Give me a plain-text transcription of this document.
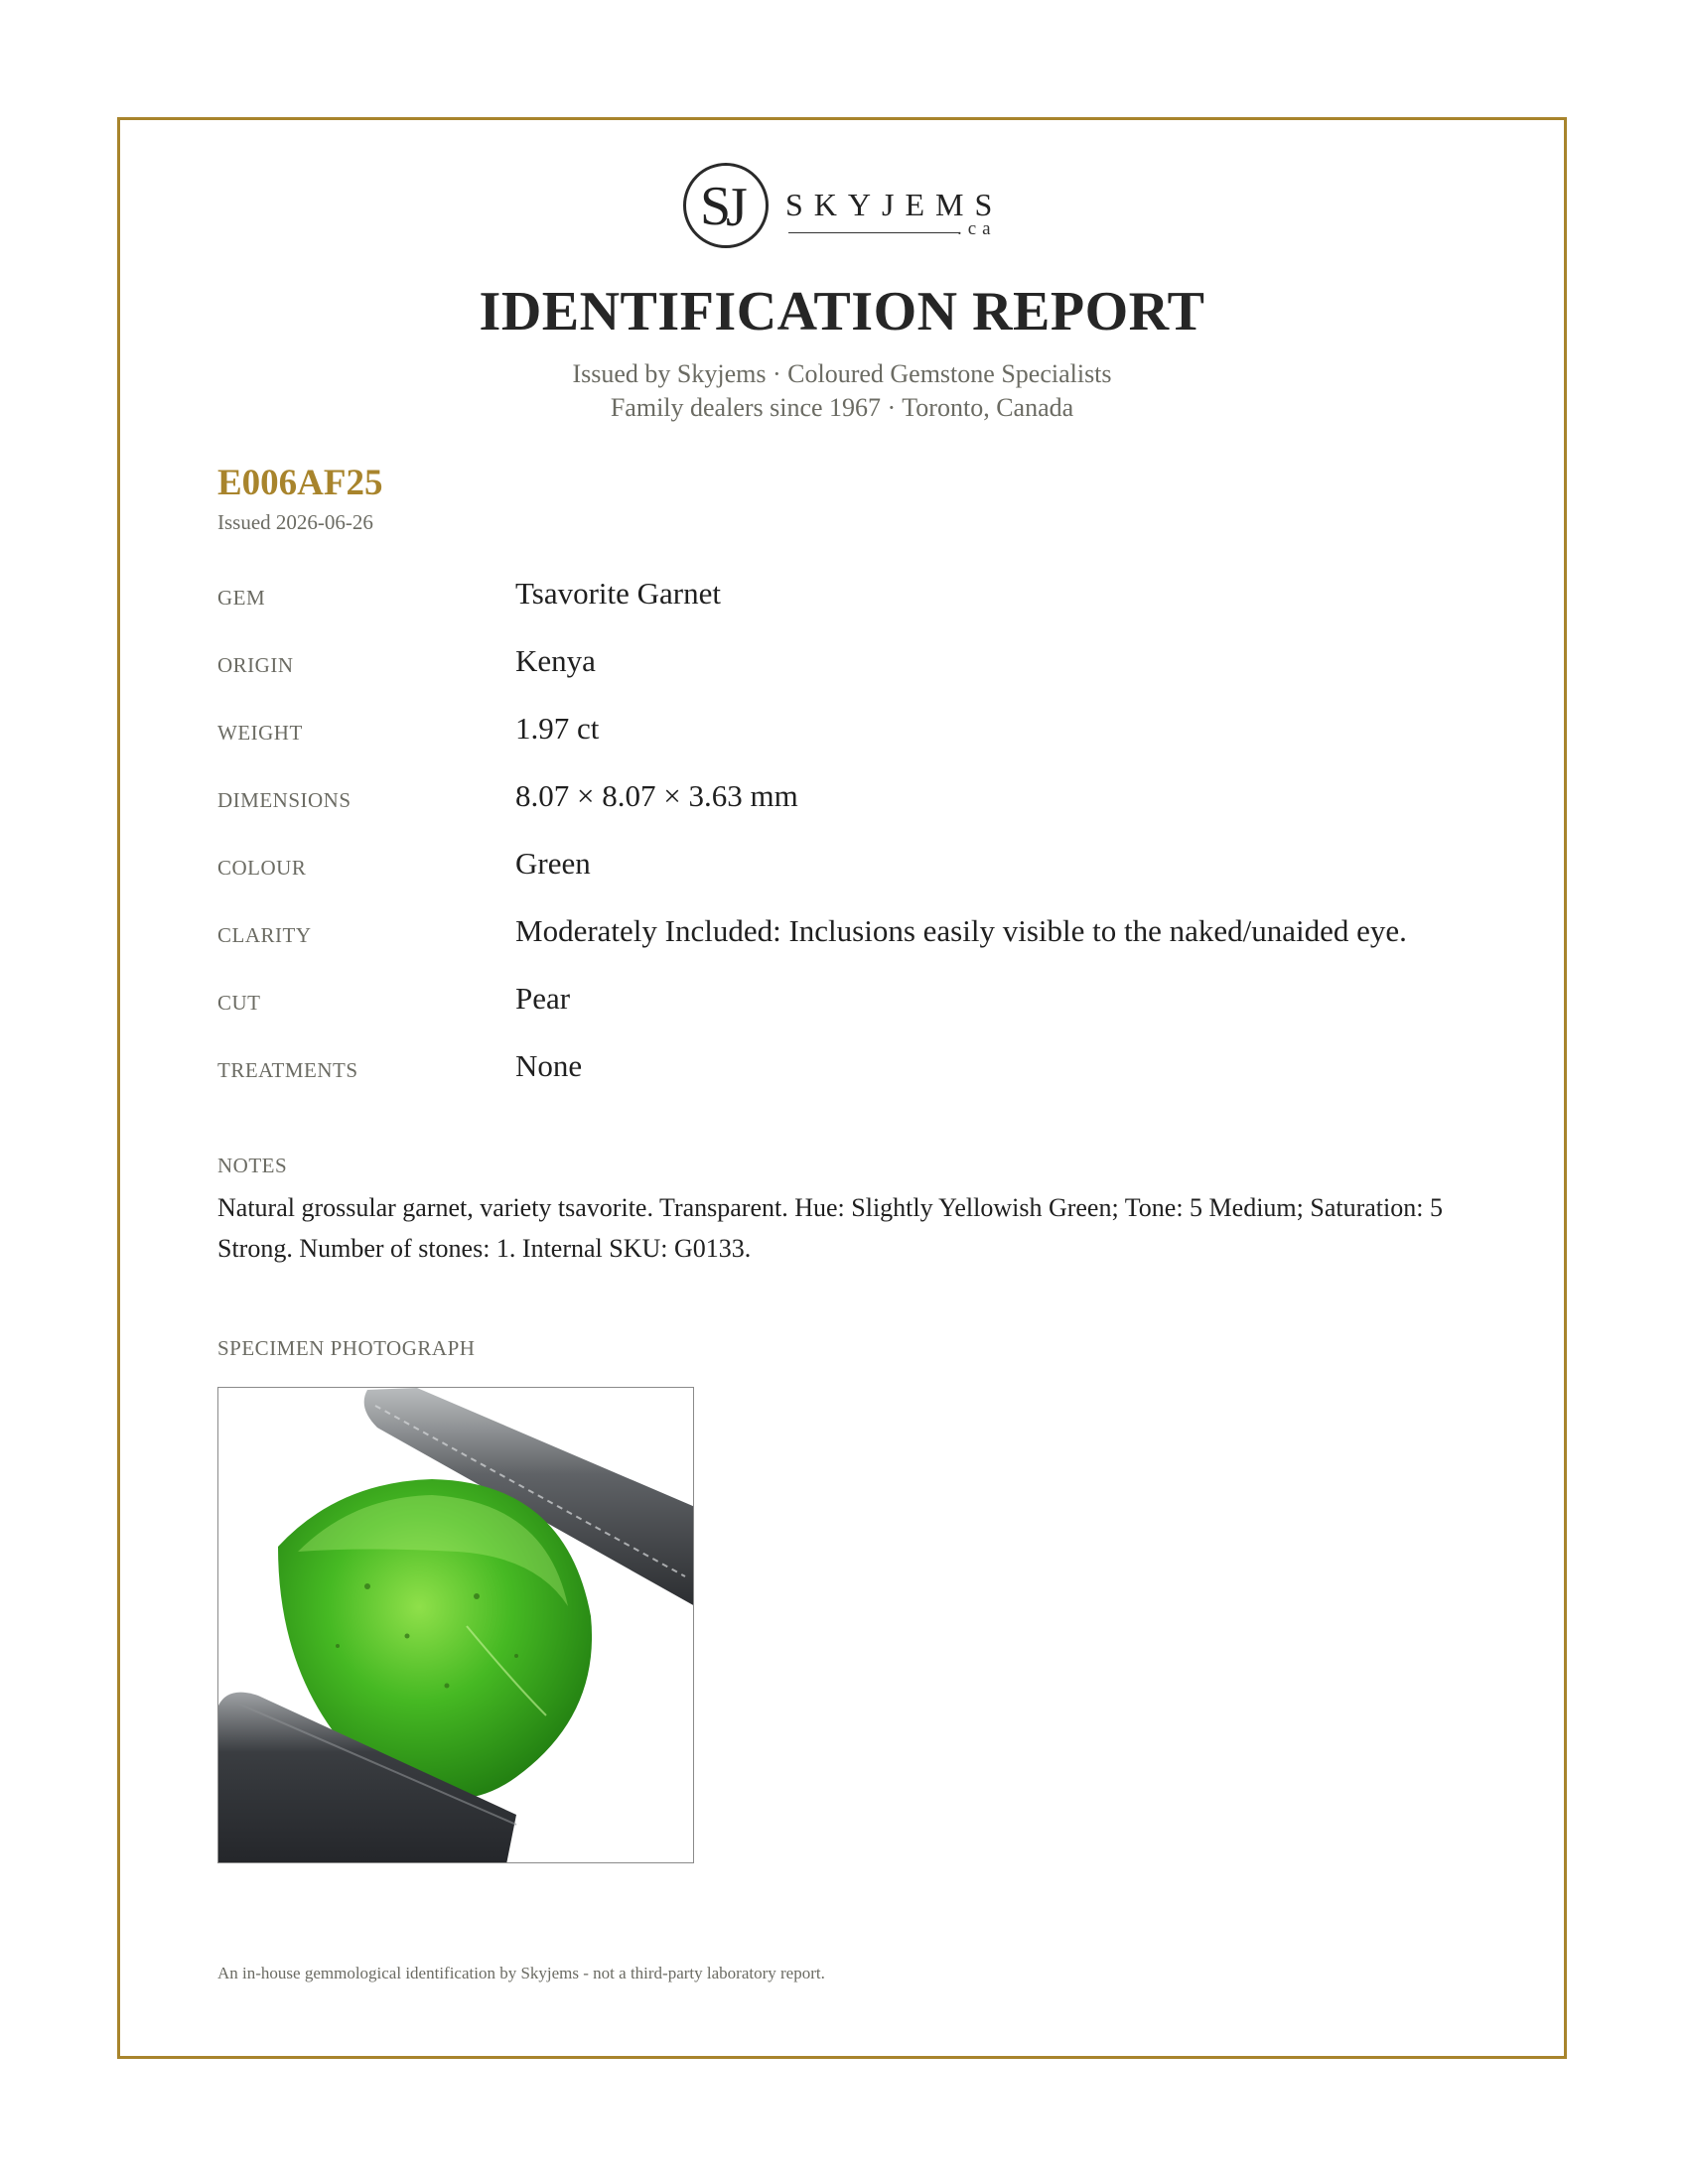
S
J SKYJEMS
.ca
IDENTIFICATION REPORT
Issued by Skyjems · Coloured Gemstone Specialists
Family dealers since 1967 · Toronto, Canada
E006AF25
Issued 2026-06-26
GEM	Tsavorite Garnet
ORIGIN	Kenya
WEIGHT	1.97 ct
DIMENSIONS	8.07 × 8.07 × 3.63 mm
COLOUR	Green
CLARITY	Moderately Included: Inclusions easily visible to the naked/unaided eye.
CUT	Pear
TREATMENTS	None
NOTES
Natural grossular garnet, variety tsavorite. Transparent. Hue: Slightly Yellowish Green; Tone: 5 Medium; Saturation: 5 Strong. Number of stones: 1. Internal SKU: G0133.
SPECIMEN PHOTOGRAPH
An in-house gemmological identification by Skyjems - not a third-party laboratory report.
